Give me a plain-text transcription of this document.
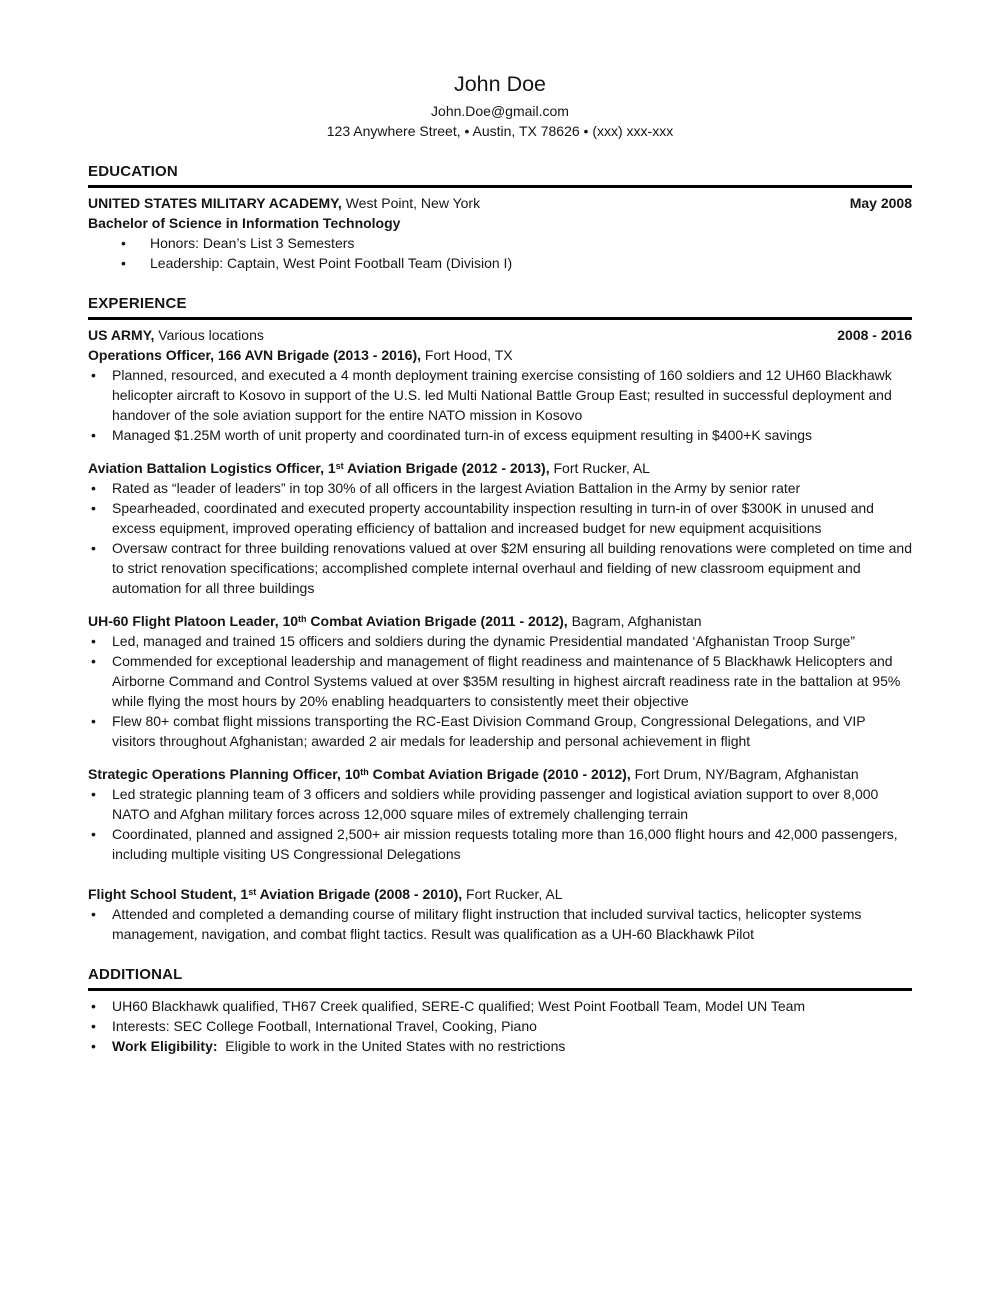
John Doe
John.Doe@gmail.com
123 Anywhere Street, • Austin, TX 78626 • (xxx) xxx-xxx
EDUCATION
UNITED STATES MILITARY ACADEMY, West Point, New York	May 2008
Bachelor of Science in Information Technology
• Honors: Dean’s List 3 Semesters
• Leadership: Captain, West Point Football Team (Division I)
EXPERIENCE
US ARMY, Various locations	2008 - 2016
Operations Officer, 166 AVN Brigade (2013 - 2016), Fort Hood, TX
• Planned, resourced, and executed a 4 month deployment training exercise consisting of 160 soldiers and 12 UH60 Blackhawk helicopter aircraft to Kosovo in support of the U.S. led Multi National Battle Group East; resulted in successful deployment and handover of the sole aviation support for the entire NATO mission in Kosovo
• Managed $1.25M worth of unit property and coordinated turn-in of excess equipment resulting in $400+K savings
Aviation Battalion Logistics Officer, 1st Aviation Brigade (2012 - 2013), Fort Rucker, AL
• Rated as “leader of leaders” in top 30% of all officers in the largest Aviation Battalion in the Army by senior rater
• Spearheaded, coordinated and executed property accountability inspection resulting in turn-in of over $300K in unused and excess equipment, improved operating efficiency of battalion and increased budget for new equipment acquisitions
• Oversaw contract for three building renovations valued at over $2M ensuring all building renovations were completed on time and to strict renovation specifications; accomplished complete internal overhaul and fielding of new classroom equipment and automation for all three buildings
UH-60 Flight Platoon Leader, 10th Combat Aviation Brigade (2011 - 2012), Bagram, Afghanistan
• Led, managed and trained 15 officers and soldiers during the dynamic Presidential mandated ‘Afghanistan Troop Surge”
• Commended for exceptional leadership and management of flight readiness and maintenance of 5 Blackhawk Helicopters and Airborne Command and Control Systems valued at over $35M resulting in highest aircraft readiness rate in the battalion at 95% while flying the most hours by 20% enabling headquarters to consistently meet their objective
• Flew 80+ combat flight missions transporting the RC-East Division Command Group, Congressional Delegations, and VIP visitors throughout Afghanistan; awarded 2 air medals for leadership and personal achievement in flight
Strategic Operations Planning Officer, 10th Combat Aviation Brigade (2010 - 2012), Fort Drum, NY/Bagram, Afghanistan
• Led strategic planning team of 3 officers and soldiers while providing passenger and logistical aviation support to over 8,000 NATO and Afghan military forces across 12,000 square miles of extremely challenging terrain
• Coordinated, planned and assigned 2,500+ air mission requests totaling more than 16,000 flight hours and 42,000 passengers, including multiple visiting US Congressional Delegations
Flight School Student, 1st Aviation Brigade (2008 - 2010), Fort Rucker, AL
• Attended and completed a demanding course of military flight instruction that included survival tactics, helicopter systems management, navigation, and combat flight tactics. Result was qualification as a UH-60 Blackhawk Pilot
ADDITIONAL
• UH60 Blackhawk qualified, TH67 Creek qualified, SERE-C qualified; West Point Football Team, Model UN Team
• Interests: SEC College Football, International Travel, Cooking, Piano
• Work Eligibility:  Eligible to work in the United States with no restrictions
